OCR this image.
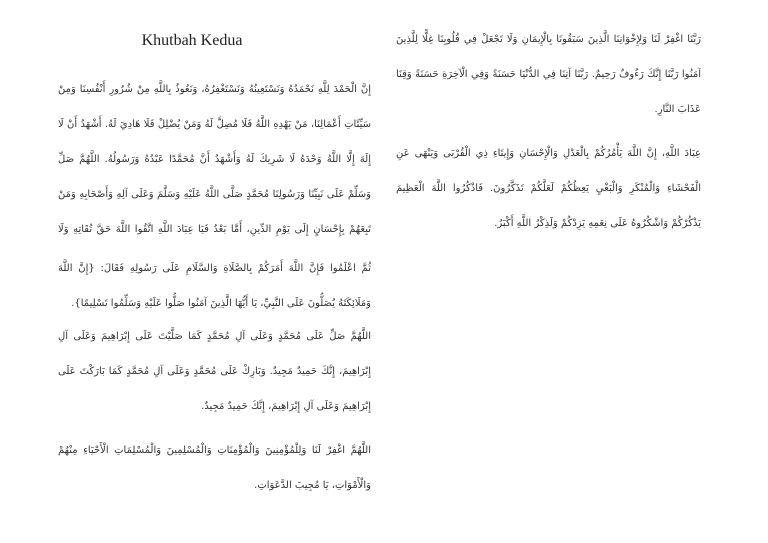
Khutbah Kedua

إِنَّ الْحَمْدَ لِلَّهِ نَحْمَدُهُ وَنَسْتَعِينُهُ وَنَسْتَغْفِرُهُ، وَنَعُوذُ بِاللَّهِ مِنْ شُرُورِ أَنْفُسِنَا وَمِنْ سَيِّئَاتِ أَعْمَالِنَا، مَنْ يَهْدِهِ اللَّهُ فَلَا مُضِلَّ لَهُ وَمَنْ يُضْلِلْ فَلَا هَادِيَ لَهُ. أَشْهَدُ أَنْ لَا إِلَهَ إِلَّا اللَّهُ وَحْدَهُ لَا شَرِيكَ لَهُ وَأَشْهَدُ أَنَّ مُحَمَّدًا عَبْدُهُ وَرَسُولُهُ. اللَّهُمَّ صَلِّ وَسَلِّمْ عَلَى نَبِيِّنَا وَرَسُولِنَا مُحَمَّدٍ صَلَّى اللَّهُ عَلَيْهِ وَسَلَّمَ وَعَلَى آلِهِ وَأَصْحَابِهِ وَمَنْ تَبِعَهُمْ بِإِحْسَانٍ إِلَى يَوْمِ الدِّينِ، أَمَّا بَعْدُ فَيَا عِبَادَ اللَّهِ اتَّقُوا اللَّهَ حَقَّ تُقَاتِهِ وَلَا

ثُمَّ اعْلَمُوا فَإِنَّ اللَّهَ أَمَرَكُمْ بِالصَّلَاةِ وَالسَّلَامِ عَلَى رَسُولِهِ فَقَالَ: {إِنَّ اللَّهَ وَمَلَائِكَتَهُ يُصَلُّونَ عَلَى النَّبِيِّ، يَا أَيُّهَا الَّذِينَ آمَنُوا صَلُّوا عَلَيْهِ وَسَلِّمُوا تَسْلِيمًا}.

اللَّهُمَّ صَلِّ عَلَى مُحَمَّدٍ وَعَلَى آلِ مُحَمَّدٍ كَمَا صَلَّيْتَ عَلَى إِبْرَاهِيمَ وَعَلَى آلِ إِبْرَاهِيمَ، إِنَّكَ حَمِيدٌ مَجِيدٌ. وَبَارِكْ عَلَى مُحَمَّدٍ وَعَلَى آلِ مُحَمَّدٍ كَمَا بَارَكْتَ عَلَى إِبْرَاهِيمَ وَعَلَى آلِ إِبْرَاهِيمَ، إِنَّكَ حَمِيدٌ مَجِيدٌ.

اللَّهُمَّ اغْفِرْ لَنَا وَلِلْمُؤْمِنِينَ وَالْمُؤْمِنَاتِ وَالْمُسْلِمِينَ وَالْمُسْلِمَاتِ الْأَحْيَاءِ مِنْهُمْ وَالْأَمْوَاتِ، يَا مُجِيبَ الدَّعَوَاتِ.

رَبَّنَا اغْفِرْ لَنَا وَلِإِخْوَانِنَا الَّذِينَ سَبَقُونَا بِالْإِيمَانِ وَلَا تَجْعَلْ فِي قُلُوبِنَا غِلًّا لِلَّذِينَ آمَنُوا رَبَّنَا إِنَّكَ رَءُوفٌ رَحِيمٌ. رَبَّنَا آتِنَا فِي الدُّنْيَا حَسَنَةً وَفِي الْآخِرَةِ حَسَنَةً وَقِنَا عَذَابَ النَّارِ.

عِبَادَ اللَّهِ، إِنَّ اللَّهَ يَأْمُرُكُمْ بِالْعَدْلِ وَالْإِحْسَانِ وَإِيتَاءِ ذِي الْقُرْبَى وَيَنْهَى عَنِ الْفَحْشَاءِ وَالْمُنْكَرِ وَالْبَغْيِ يَعِظُكُمْ لَعَلَّكُمْ تَذَكَّرُونَ. فَاذْكُرُوا اللَّهَ الْعَظِيمَ يَذْكُرْكُمْ وَاشْكُرُوهُ عَلَى نِعَمِهِ يَزِدْكُمْ وَلَذِكْرُ اللَّهِ أَكْبَرُ.
